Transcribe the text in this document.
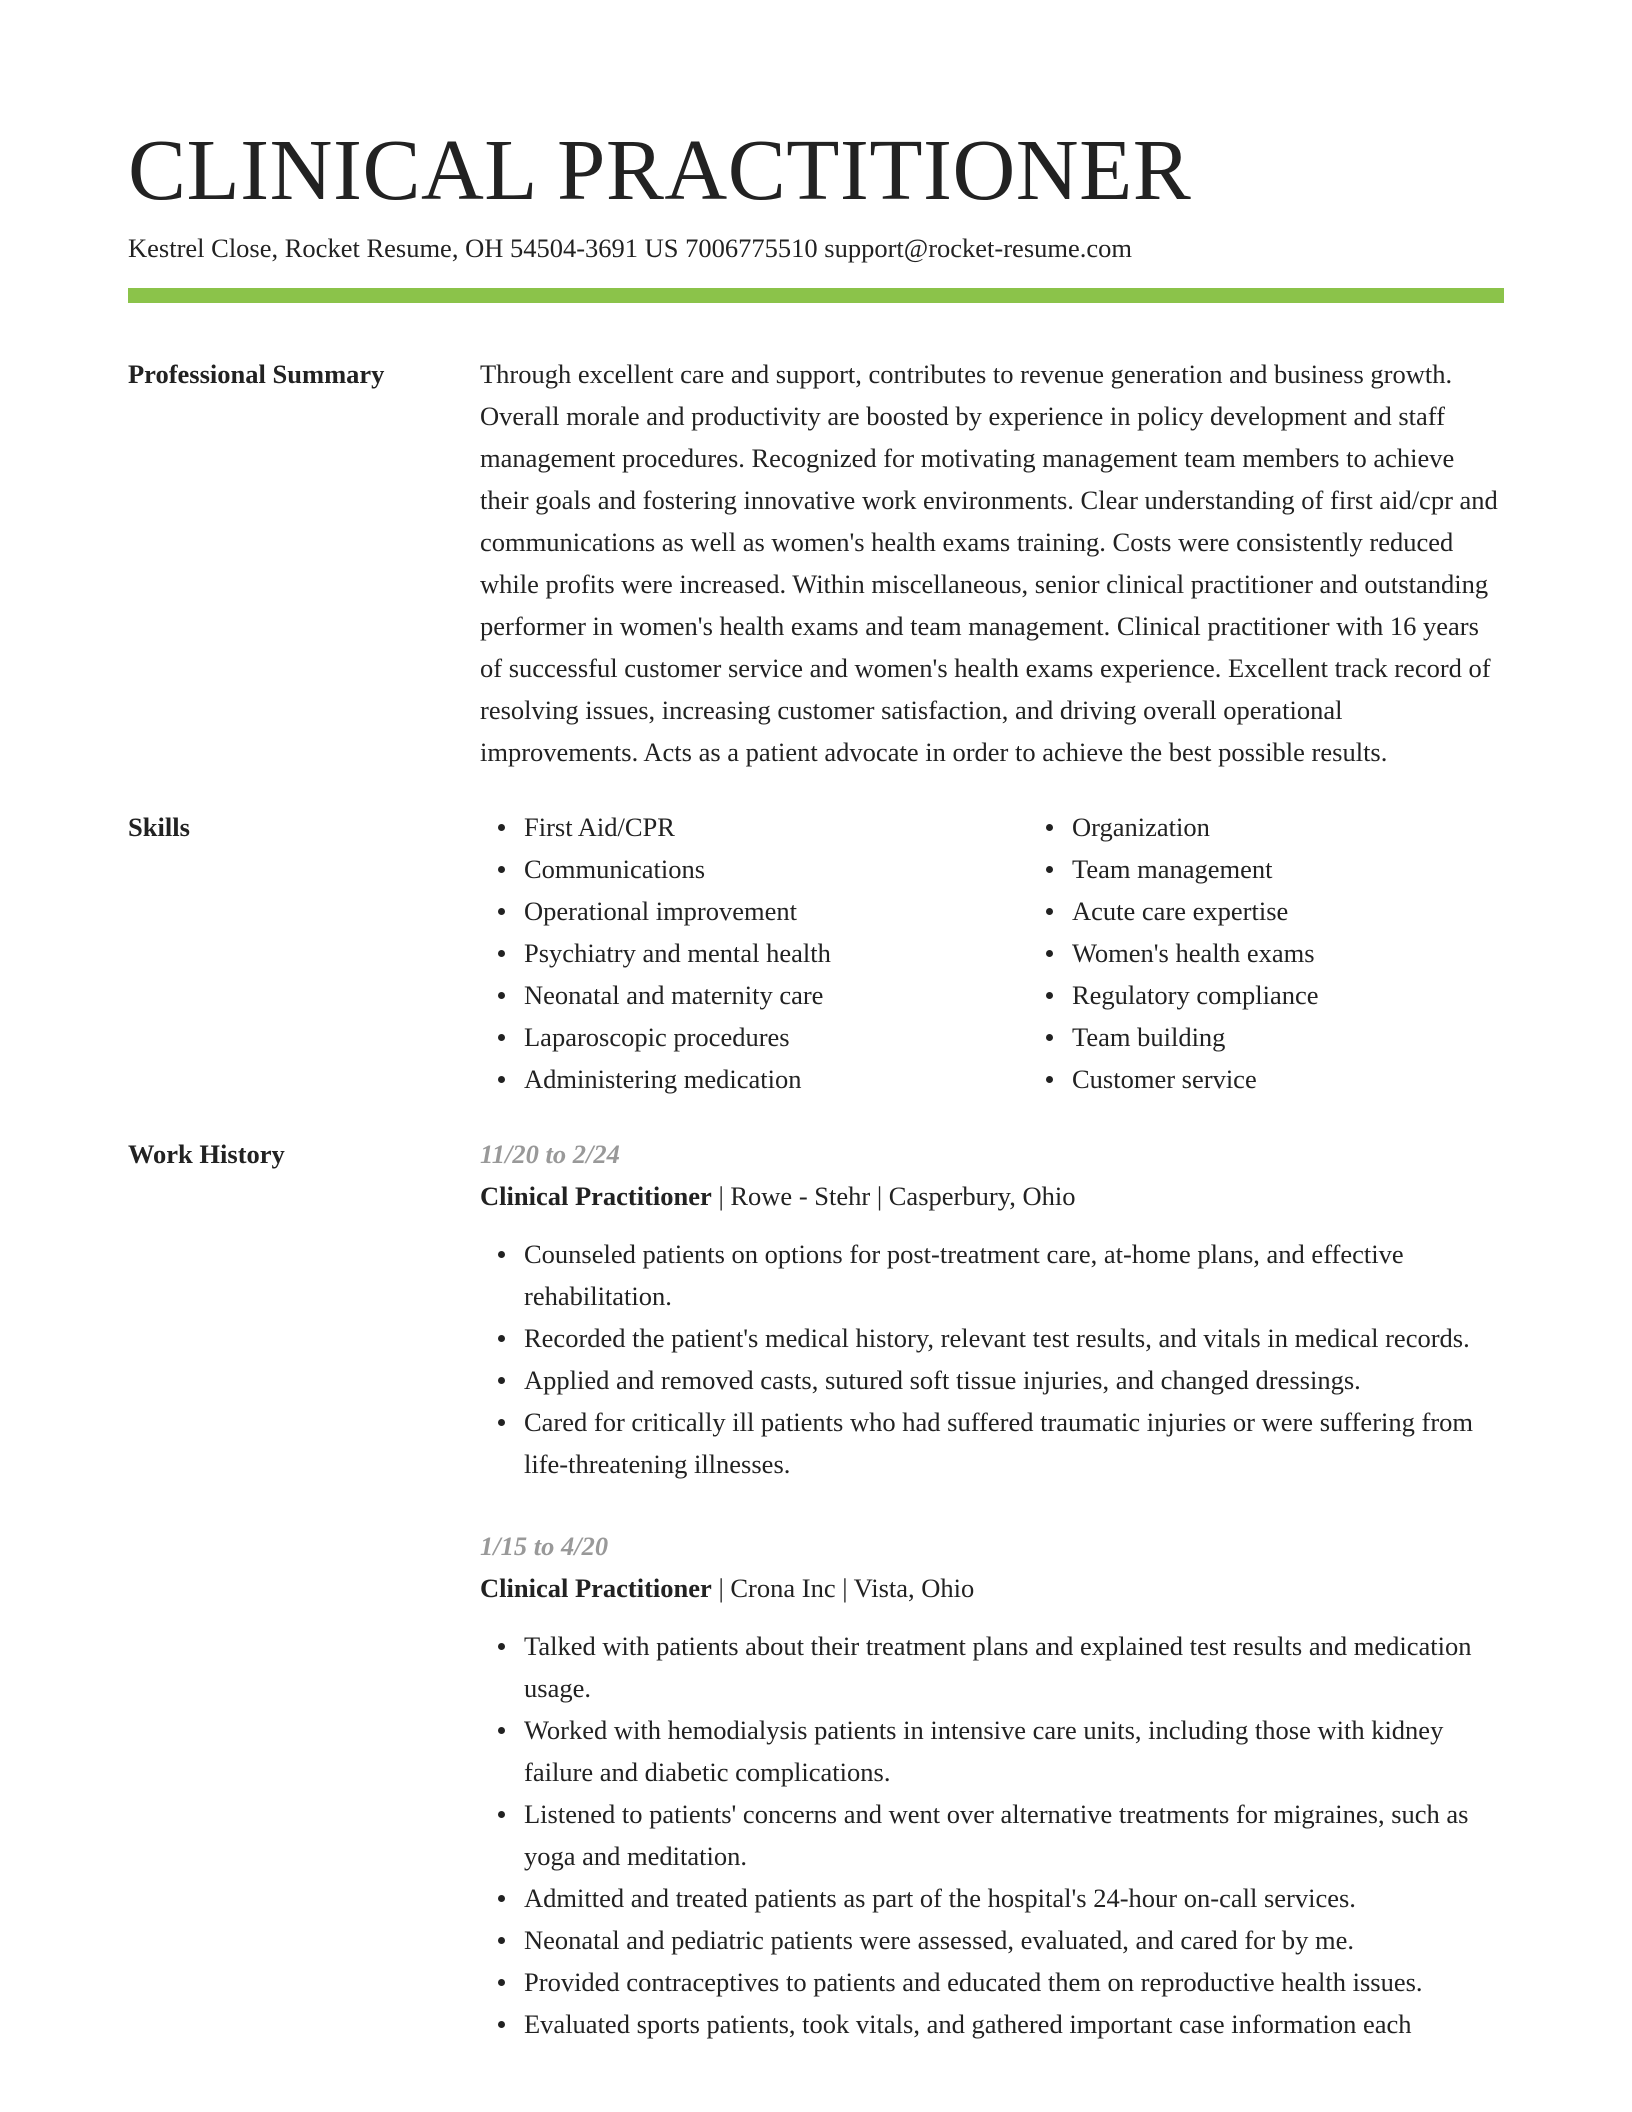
CLINICAL PRACTITIONER
Kestrel Close, Rocket Resume, OH 54504-3691 US 7006775510 support@rocket-resume.com
Professional Summary	Through excellent care and support, contributes to revenue generation and business growth. Overall morale and productivity are boosted by experience in policy development and staff management procedures. Recognized for motivating management team members to achieve their goals and fostering innovative work environments. Clear understanding of first aid/cpr and communications as well as women's health exams training. Costs were consistently reduced while profits were increased. Within miscellaneous, senior clinical practitioner and outstanding performer in women's health exams and team management. Clinical practitioner with 16 years of successful customer service and women's health exams experience. Excellent track record of resolving issues, increasing customer satisfaction, and driving overall operational improvements. Acts as a patient advocate in order to achieve the best possible results.
Skills	First Aid/CPR
Communications
Operational improvement
Psychiatry and mental health
Neonatal and maternity care
Laparoscopic procedures
Administering medication
Organization
Team management
Acute care expertise
Women's health exams
Regulatory compliance
Team building
Customer service
Work History	11/20 to 2/24
Clinical Practitioner | Rowe - Stehr | Casperbury, Ohio
Counseled patients on options for post-treatment care, at-home plans, and effective rehabilitation.
Recorded the patient's medical history, relevant test results, and vitals in medical records.
Applied and removed casts, sutured soft tissue injuries, and changed dressings.
Cared for critically ill patients who had suffered traumatic injuries or were suffering from life-threatening illnesses.
1/15 to 4/20
Clinical Practitioner | Crona Inc | Vista, Ohio
Talked with patients about their treatment plans and explained test results and medication usage.
Worked with hemodialysis patients in intensive care units, including those with kidney failure and diabetic complications.
Listened to patients' concerns and went over alternative treatments for migraines, such as yoga and meditation.
Admitted and treated patients as part of the hospital's 24-hour on-call services.
Neonatal and pediatric patients were assessed, evaluated, and cared for by me.
Provided contraceptives to patients and educated them on reproductive health issues.
Evaluated sports patients, took vitals, and gathered important case information each
